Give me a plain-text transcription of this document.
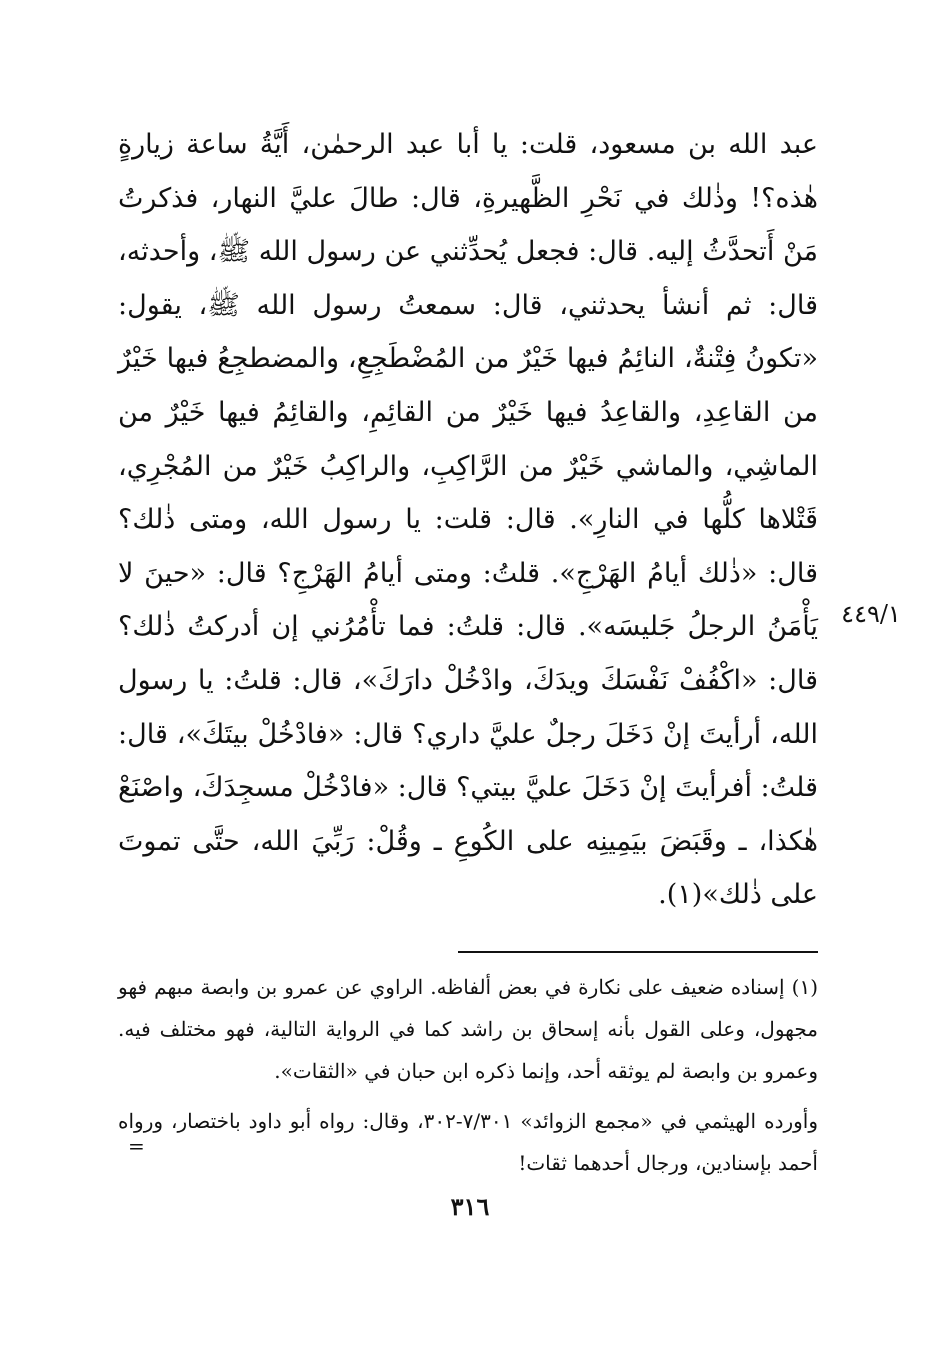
عبد الله بن مسعود، قلت: يا أبا عبد الرحمٰن، أَيَّةُ ساعة زيارةٍ هٰذه؟! وذٰلك في نَحْرِ الظَّهيرةِ، قال: طالَ عليَّ النهار، فذكرتُ مَنْ أَتحدَّثُ إليه. قال: فجعل يُحدِّثني عن رسول الله ﷺ، وأحدثه، قال: ثم أنشأ يحدثني، قال: سمعتُ رسول الله ﷺ، يقول: «تكونُ فِتْنةٌ، النائِمُ فيها خَيْرٌ من المُضْطَجِعِ، والمضطجِعُ فيها خَيْرٌ من القاعِدِ، والقاعِدُ فيها خَيْرٌ من القائِمِ، والقائِمُ فيها خَيْرٌ من الماشِي، والماشي خَيْرٌ من الرَّاكِبِ، والراكِبُ خَيْرٌ من المُجْرِي، قَتْلاها كلُّها في النارِ». قال: قلت: يا رسول الله، ومتى ذٰلك؟ قال: «ذٰلك أيامُ الهَرْجِ». قلتُ: ومتى أيامُ الهَرْجِ؟ قال: «حينَ لا يَأْمَنُ الرجلُ جَليسَه». قال: قلتُ: فما تأْمُرُني إن أدركتُ ذٰلك؟ قال: «اكْفُفْ نَفْسَكَ ويدَكَ، وادْخُلْ دارَكَ»، قال: قلتُ: يا رسول الله، أرأيتَ إنْ دَخَلَ رجلٌ عليَّ داري؟ قال: «فادْخُلْ بيتَكَ»، قال: قلتُ: أفرأيتَ إنْ دَخَلَ عليَّ بيتي؟ قال: «فادْخُلْ مسجِدَكَ، واصْنَعْ هٰكذا، ـ وقَبَضَ بيَمِينِه على الكُوعِ ـ وقُلْ: رَبِّيَ الله، حتَّى تموتَ على ذٰلك»(١).

٤٤٩/١

(١) إسناده ضعيف على نكارة في بعض ألفاظه. الراوي عن عمرو بن وابصة مبهم فهو مجهول، وعلى القول بأنه إسحاق بن راشد كما في الرواية التالية، فهو مختلف فيه. وعمرو بن وابصة لم يوثقه أحد، وإنما ذكره ابن حبان في «الثقات».

وأورده الهيثمي في «مجمع الزوائد» ٧/٣٠١-٣٠٢، وقال: رواه أبو داود باختصار، ورواه أحمد بإسنادين، ورجال أحدهما ثقات!

=
٣١٦
